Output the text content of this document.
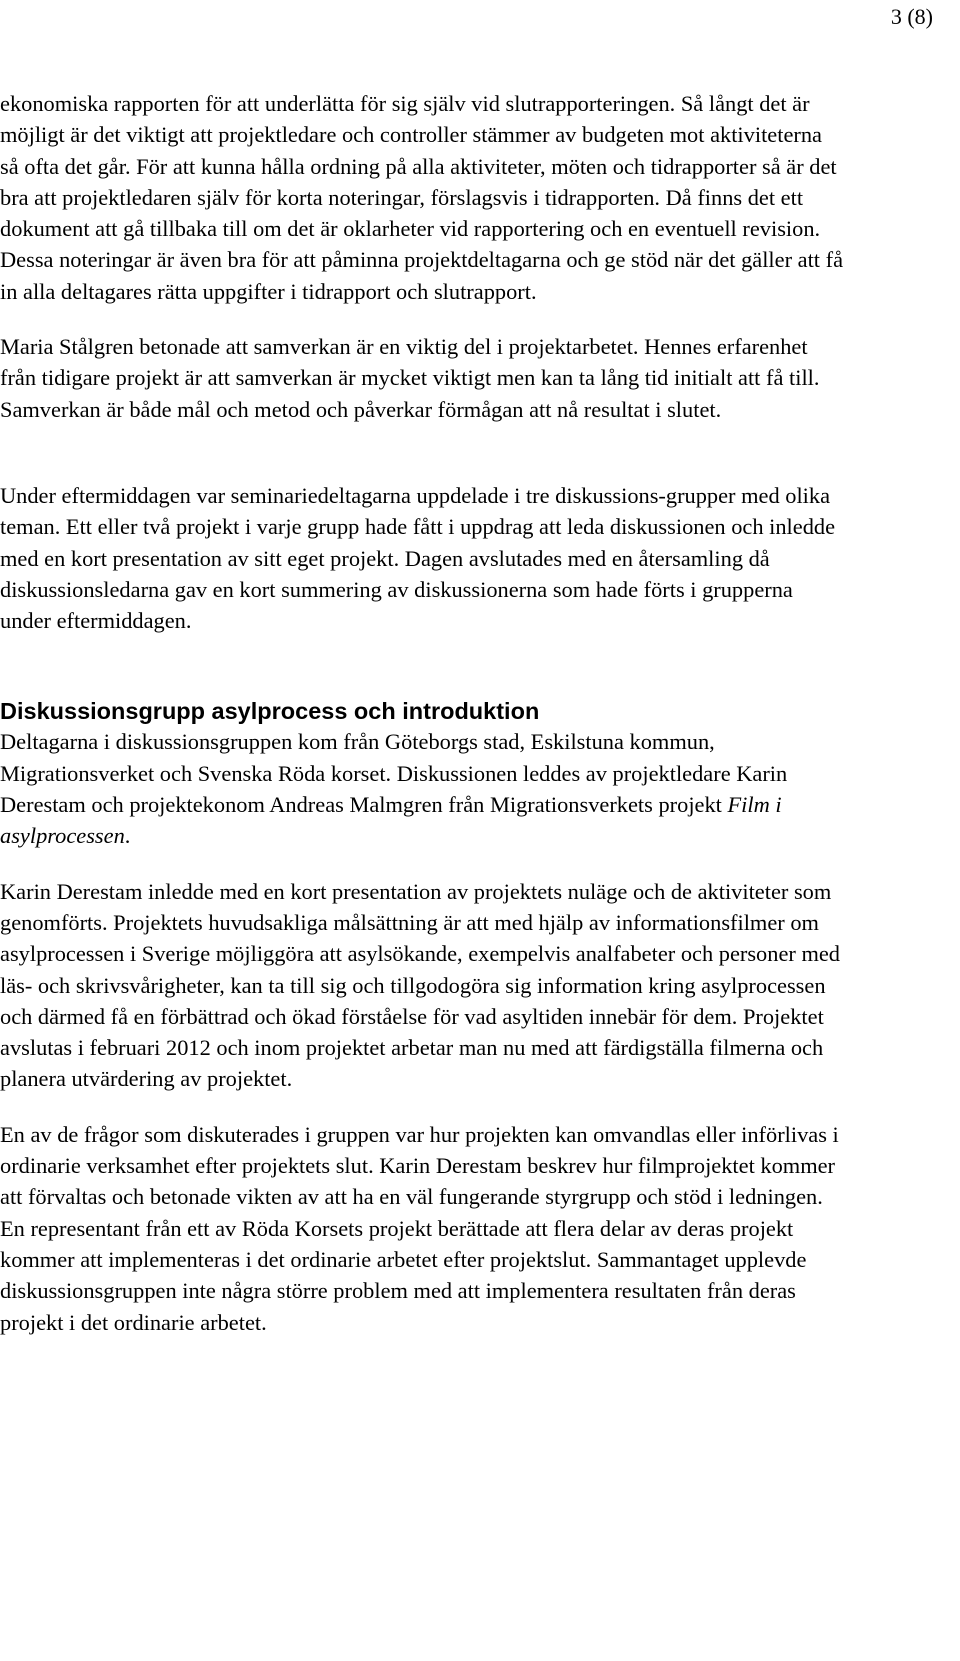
3 (8)

ekonomiska rapporten för att underlätta för sig själv vid slutrapporteringen. Så långt det är möjligt är det viktigt att projektledare och controller stämmer av budgeten mot aktiviteterna så ofta det går. För att kunna hålla ordning på alla aktiviteter, möten och tidrapporter så är det bra att projektledaren själv för korta noteringar, förslagsvis i tidrapporten. Då finns det ett dokument att gå tillbaka till om det är oklarheter vid rapportering och en eventuell revision. Dessa noteringar är även bra för att påminna projektdeltagarna och ge stöd när det gäller att få in alla deltagares rätta uppgifter i tidrapport och slutrapport.

Maria Stålgren betonade att samverkan är en viktig del i projektarbetet. Hennes erfarenhet från tidigare projekt är att samverkan är mycket viktigt men kan ta lång tid initialt att få till. Samverkan är både mål och metod och påverkar förmågan att nå resultat i slutet.

Under eftermiddagen var seminariedeltagarna uppdelade i tre diskussions-grupper med olika teman. Ett eller två projekt i varje grupp hade fått i uppdrag att leda diskussionen och inledde med en kort presentation av sitt eget projekt. Dagen avslutades med en återsamling då diskussionsledarna gav en kort summering av diskussionerna som hade förts i grupperna under eftermiddagen.

Diskussionsgrupp asylprocess och introduktion

Deltagarna i diskussionsgruppen kom från Göteborgs stad, Eskilstuna kommun, Migrationsverket och Svenska Röda korset. Diskussionen leddes av projektledare Karin Derestam och projektekonom Andreas Malmgren från Migrationsverkets projekt Film i asylprocessen.

Karin Derestam inledde med en kort presentation av projektets nuläge och de aktiviteter som genomförts. Projektets huvudsakliga målsättning är att med hjälp av informationsfilmer om asylprocessen i Sverige möjliggöra att asylsökande, exempelvis analfabeter och personer med läs- och skrivsvårigheter, kan ta till sig och tillgodogöra sig information kring asylprocessen och därmed få en förbättrad och ökad förståelse för vad asyltiden innebär för dem. Projektet avslutas i februari 2012 och inom projektet arbetar man nu med att färdigställa filmerna och planera utvärdering av projektet.

En av de frågor som diskuterades i gruppen var hur projekten kan omvandlas eller införlivas i ordinarie verksamhet efter projektets slut. Karin Derestam beskrev hur filmprojektet kommer att förvaltas och betonade vikten av att ha en väl fungerande styrgrupp och stöd i ledningen. En representant från ett av Röda Korsets projekt berättade att flera delar av deras projekt kommer att implementeras i det ordinarie arbetet efter projektslut. Sammantaget upplevde diskussionsgruppen inte några större problem med att implementera resultaten från deras projekt i det ordinarie arbetet.
